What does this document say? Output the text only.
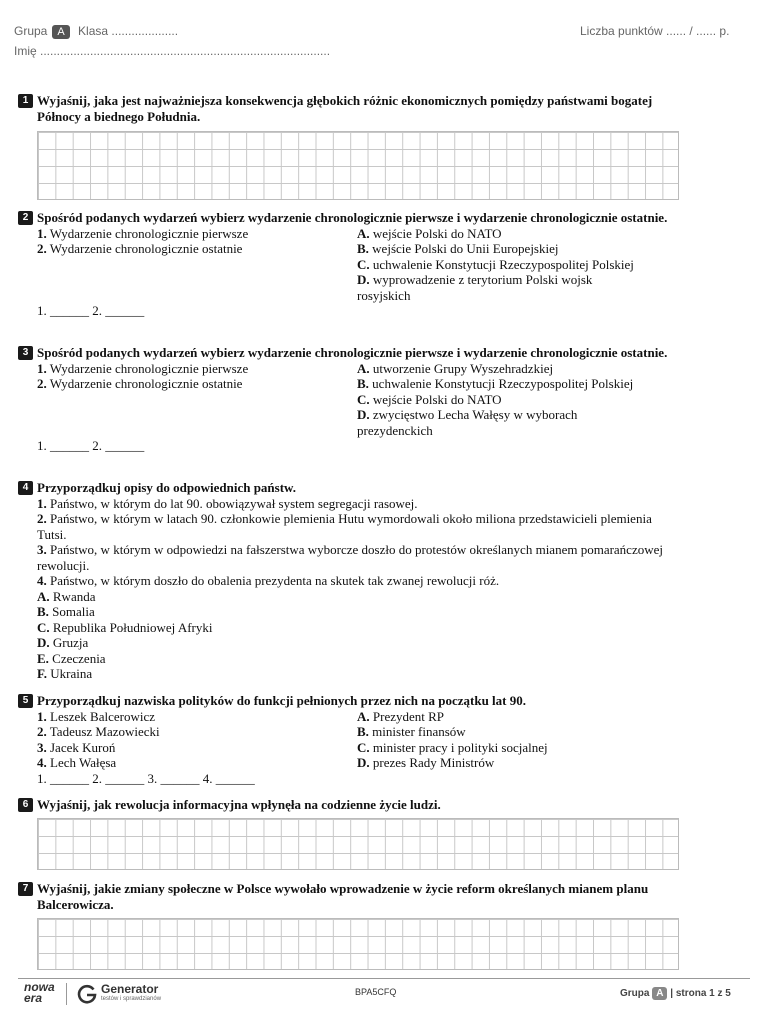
Grupa A Klasa ....................	Liczba punktów ...... / ...... p.
Imię .......................................................................................
1 Wyjaśnij, jaka jest najważniejsza konsekwencja głębokich różnic ekonomicznych pomiędzy państwami bogatej Północy a biednego Południa.
2 Spośród podanych wydarzeń wybierz wydarzenie chronologicznie pierwsze i wydarzenie chronologicznie ostatnie.
1. Wydarzenie chronologicznie pierwsze
2. Wydarzenie chronologicznie ostatnie
A. wejście Polski do NATO
B. wejście Polski do Unii Europejskiej
C. uchwalenie Konstytucji Rzeczypospolitej Polskiej
D. wyprowadzenie z terytorium Polski wojsk rosyjskich
1. ______ 2. ______
3 Spośród podanych wydarzeń wybierz wydarzenie chronologicznie pierwsze i wydarzenie chronologicznie ostatnie.
1. Wydarzenie chronologicznie pierwsze
2. Wydarzenie chronologicznie ostatnie
A. utworzenie Grupy Wyszehradzkiej
B. uchwalenie Konstytucji Rzeczypospolitej Polskiej
C. wejście Polski do NATO
D. zwycięstwo Lecha Wałęsy w wyborach prezydenckich
1. ______ 2. ______
4 Przyporządkuj opisy do odpowiednich państw.
1. Państwo, w którym do lat 90. obowiązywał system segregacji rasowej.
2. Państwo, w którym w latach 90. członkowie plemienia Hutu wymordowali około miliona przedstawicieli plemienia Tutsi.
3. Państwo, w którym w odpowiedzi na fałszerstwa wyborcze doszło do protestów określanych mianem pomarańczowej rewolucji.
4. Państwo, w którym doszło do obalenia prezydenta na skutek tak zwanej rewolucji róż.
A. Rwanda
B. Somalia
C. Republika Południowej Afryki
D. Gruzja
E. Czeczenia
F. Ukraina
5 Przyporządkuj nazwiska polityków do funkcji pełnionych przez nich na początku lat 90.
1. Leszek Balcerowicz
2. Tadeusz Mazowiecki
3. Jacek Kuroń
4. Lech Wałęsa
A. Prezydent RP
B. minister finansów
C. minister pracy i polityki socjalnej
D. prezes Rady Ministrów
1. ______ 2. ______ 3. ______ 4. ______
6 Wyjaśnij, jak rewolucja informacyjna wpłynęła na codzienne życie ludzi.
7 Wyjaśnij, jakie zmiany społeczne w Polsce wywołało wprowadzenie w życie reform określanych mianem planu Balcerowicza.
nowa
era
Generator
testów i sprawdzianów
BPA5CFQ	Grupa A | strona 1 z 5
